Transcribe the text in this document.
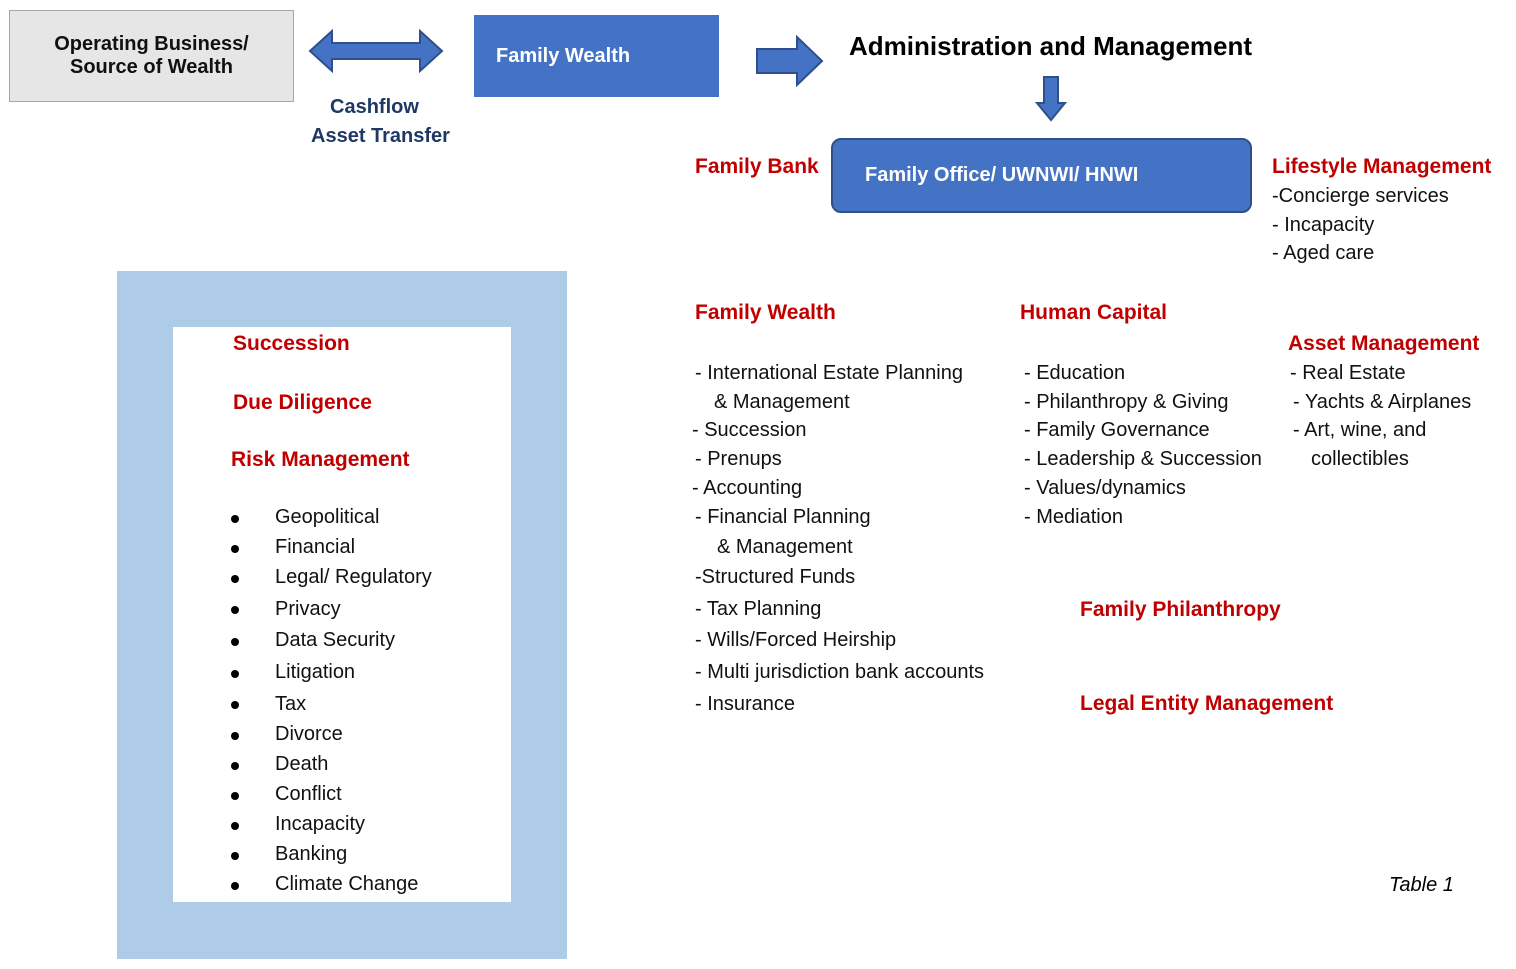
Operating Business/
Source of Wealth
Cashflow
Asset Transfer
Family Wealth	Administration and Management
Family Bank Family Office/ UWNWI/ HNWI	Lifestyle Management
-Concierge services
- Incapacity
- Aged care
Succession
Due Diligence
Risk Management
Geopolitical
Financial
Legal/ Regulatory
Privacy
Data Security
Litigation
Tax
Divorce
Death
Conflict
Incapacity
Banking
Climate Change
Family Wealth
- International Estate Planning
& Management
- Succession
- Prenups
- Accounting
- Financial Planning
& Management
-Structured Funds
- Tax Planning
- Wills/Forced Heirship
- Multi jurisdiction bank accounts
- Insurance
Human Capital
- Education
- Philanthropy & Giving
- Family Governance
- Leadership & Succession
- Values/dynamics
- Mediation
Asset Management
- Real Estate
- Yachts & Airplanes
- Art, wine, and
collectibles
Family Philanthropy
Legal Entity Management
Table 1
